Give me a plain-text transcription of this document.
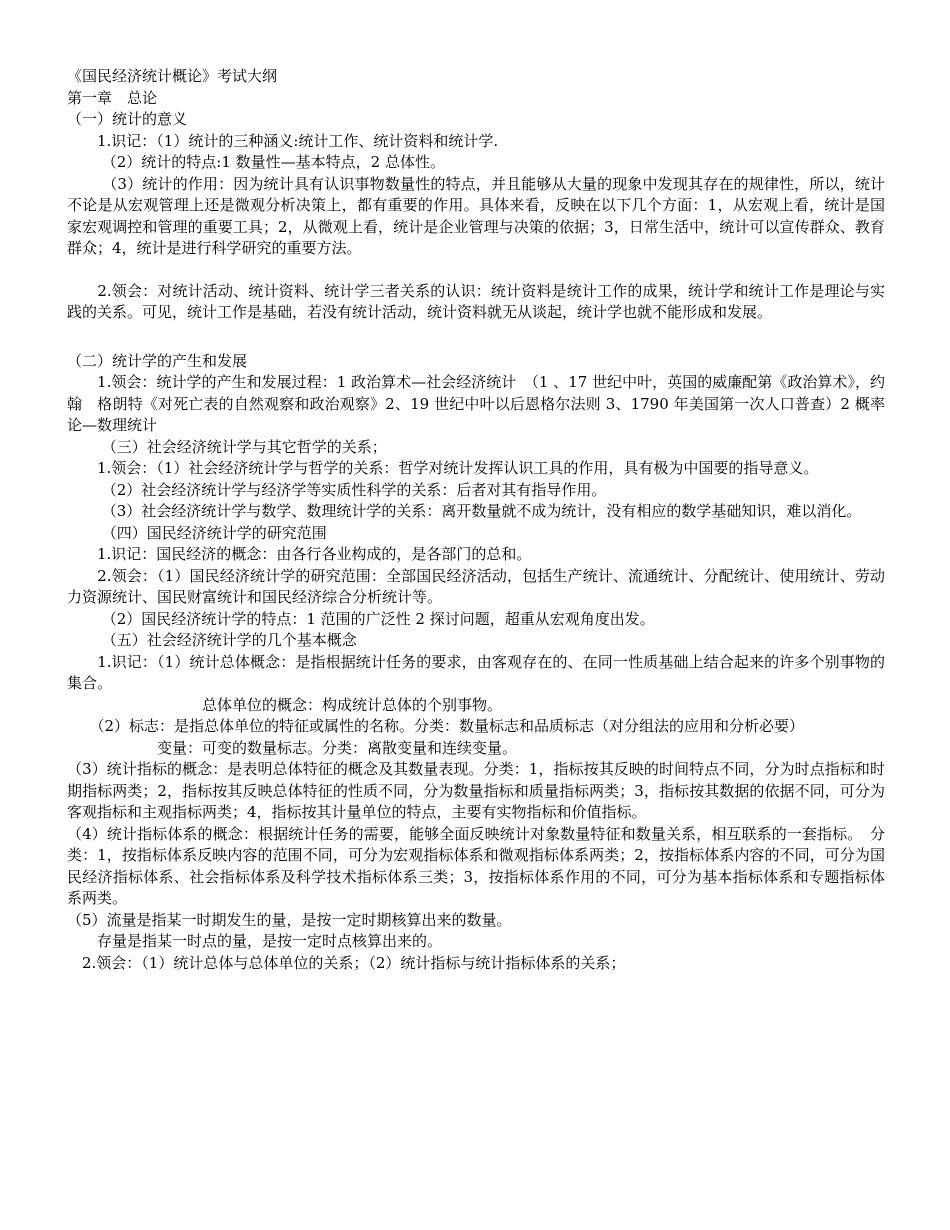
《国民经济统计概论》考试大纲

第一章　总论

（一）统计的意义

　　1.识记：（1）统计的三种涵义:统计工作、统计资料和统计学.

　　 （2）统计的特点:1 数量性—基本特点，2 总体性。

　　 （3）统计的作用：因为统计具有认识事物数量性的特点，并且能够从大量的现象中发现其存在的规律性，所以，统计不论是从宏观管理上还是微观分析决策上，都有重要的作用。具体来看，反映在以下几个方面：1，从宏观上看，统计是国家宏观调控和管理的重要工具；2，从微观上看，统计是企业管理与决策的依据；3，日常生活中，统计可以宣传群众、教育群众；4，统计是进行科学研究的重要方法。

　　2.领会：对统计活动、统计资料、统计学三者关系的认识：统计资料是统计工作的成果，统计学和统计工作是理论与实践的关系。可见，统计工作是基础，若没有统计活动，统计资料就无从谈起，统计学也就不能形成和发展。

（二）统计学的产生和发展

　　1.领会：统计学的产生和发展过程：1 政治算术—社会经济统计　（1 、17 世纪中叶，英国的威廉配第《政治算术》，约翰　格朗特《对死亡表的自然观察和政治观察》2、19 世纪中叶以后恩格尔法则 3、1790 年美国第一次人口普查）2 概率论—数理统计

　　 （三）社会经济统计学与其它哲学的关系；

　　1.领会：（1）社会经济统计学与哲学的关系：哲学对统计发挥认识工具的作用，具有极为中国要的指导意义。

　　 （2）社会经济统计学与经济学等实质性科学的关系：后者对其有指导作用。

　　 （3）社会经济统计学与数学、数理统计学的关系：离开数量就不成为统计，没有相应的数学基础知识，难以消化。

　　 （四）国民经济统计学的研究范围

　　1.识记：国民经济的概念：由各行各业构成的，是各部门的总和。

　　2.领会：（1）国民经济统计学的研究范围：全部国民经济活动，包括生产统计、流通统计、分配统计、使用统计、劳动力资源统计、国民财富统计和国民经济综合分析统计等。

　　 （2）国民经济统计学的特点：1 范围的广泛性 2 探讨问题，超重从宏观角度出发。

　　 （五）社会经济统计学的几个基本概念

　　1.识记：（1）统计总体概念：是指根据统计任务的要求，由客观存在的、在同一性质基础上结合起来的许多个别事物的集合。

　　　　　　　　　总体单位的概念：构成统计总体的个别事物。

　　（2）标志：是指总体单位的特征或属性的名称。分类：数量标志和品质标志（对分组法的应用和分析必要）

　　　　　　变量：可变的数量标志。分类：离散变量和连续变量。

（3）统计指标的概念：是表明总体特征的概念及其数量表现。分类：1，指标按其反映的时间特点不同，分为时点指标和时期指标两类；2，指标按其反映总体特征的性质不同，分为数量指标和质量指标两类；3，指标按其数据的依据不同，可分为客观指标和主观指标两类；4，指标按其计量单位的特点，主要有实物指标和价值指标。

（4）统计指标体系的概念：根据统计任务的需要，能够全面反映统计对象数量特征和数量关系，相互联系的一套指标。　分类：1，按指标体系反映内容的范围不同，可分为宏观指标体系和微观指标体系两类；2，按指标体系内容的不同，可分为国民经济指标体系、社会指标体系及科学技术指标体系三类；3，按指标体系作用的不同，可分为基本指标体系和专题指标体系两类。

（5）流量是指某一时期发生的量，是按一定时期核算出来的数量。

　　存量是指某一时点的量，是按一定时点核算出来的。

　2.领会：（1）统计总体与总体单位的关系；（2）统计指标与统计指标体系的关系；
